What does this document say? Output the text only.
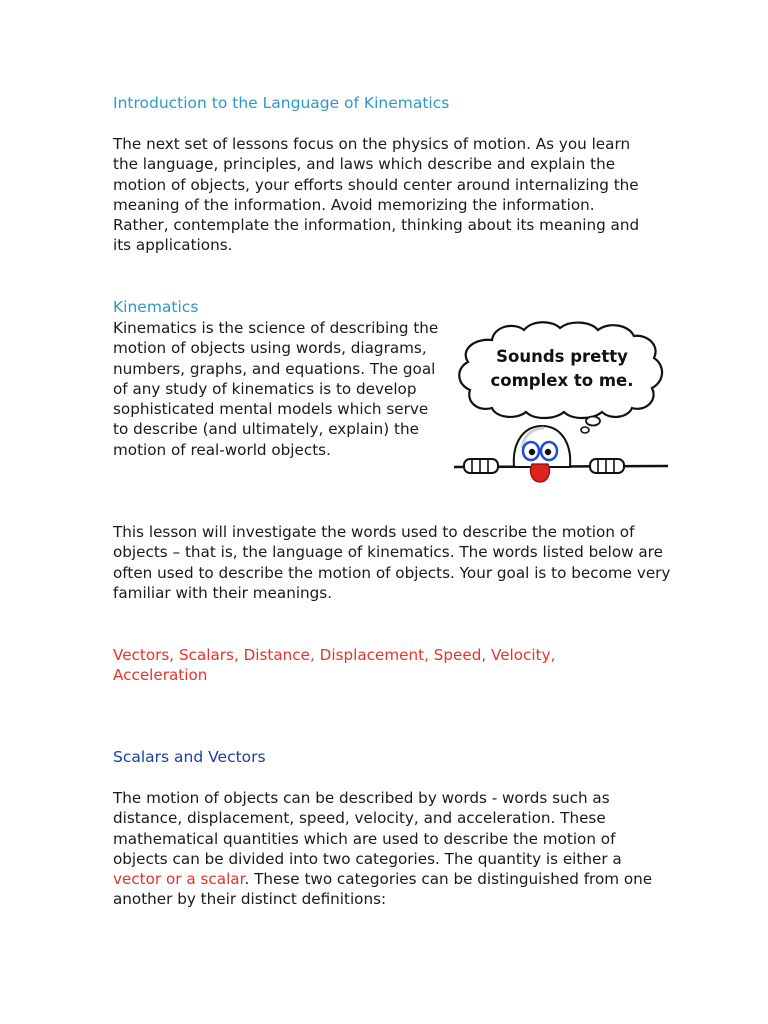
Introduction to the Language of Kinematics

The next set of lessons focus on the physics of motion. As you learn the language, principles, and laws which describe and explain the motion of objects, your efforts should center around internalizing the meaning of the information. Avoid memorizing the information. Rather, contemplate the information, thinking about its meaning and its applications.

Kinematics

Kinematics is the science of describing the motion of objects using words, diagrams, numbers, graphs, and equations. The goal of any study of kinematics is to develop sophisticated mental models which serve to describe (and ultimately, explain) the motion of real-world objects.

This lesson will investigate the words used to describe the motion of objects – that is, the language of kinematics. The words listed below are often used to describe the motion of objects. Your goal is to become very familiar with their meanings.

Vectors, Scalars, Distance, Displacement, Speed, Velocity, Acceleration

Scalars and Vectors

The motion of objects can be described by words - words such as distance, displacement, speed, velocity, and acceleration. These mathematical quantities which are used to describe the motion of objects can be divided into two categories. The quantity is either a vector or a scalar. These two categories can be distinguished from one another by their distinct definitions:

Sounds pretty
complex to me.
